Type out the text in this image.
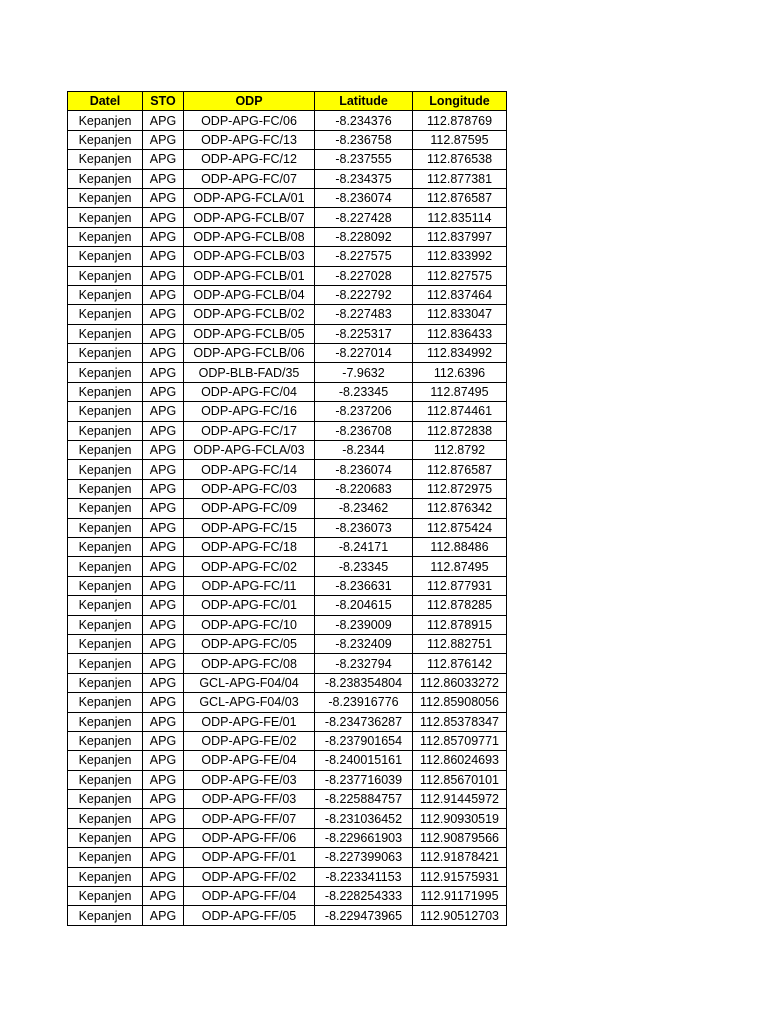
Datel	STO	ODP	Latitude	Longitude
Kepanjen	APG	ODP-APG-FC/06	-8.234376	112.878769
Kepanjen	APG	ODP-APG-FC/13	-8.236758	112.87595
Kepanjen	APG	ODP-APG-FC/12	-8.237555	112.876538
Kepanjen	APG	ODP-APG-FC/07	-8.234375	112.877381
Kepanjen	APG	ODP-APG-FCLA/01	-8.236074	112.876587
Kepanjen	APG	ODP-APG-FCLB/07	-8.227428	112.835114
Kepanjen	APG	ODP-APG-FCLB/08	-8.228092	112.837997
Kepanjen	APG	ODP-APG-FCLB/03	-8.227575	112.833992
Kepanjen	APG	ODP-APG-FCLB/01	-8.227028	112.827575
Kepanjen	APG	ODP-APG-FCLB/04	-8.222792	112.837464
Kepanjen	APG	ODP-APG-FCLB/02	-8.227483	112.833047
Kepanjen	APG	ODP-APG-FCLB/05	-8.225317	112.836433
Kepanjen	APG	ODP-APG-FCLB/06	-8.227014	112.834992
Kepanjen	APG	ODP-BLB-FAD/35	-7.9632	112.6396
Kepanjen	APG	ODP-APG-FC/04	-8.23345	112.87495
Kepanjen	APG	ODP-APG-FC/16	-8.237206	112.874461
Kepanjen	APG	ODP-APG-FC/17	-8.236708	112.872838
Kepanjen	APG	ODP-APG-FCLA/03	-8.2344	112.8792
Kepanjen	APG	ODP-APG-FC/14	-8.236074	112.876587
Kepanjen	APG	ODP-APG-FC/03	-8.220683	112.872975
Kepanjen	APG	ODP-APG-FC/09	-8.23462	112.876342
Kepanjen	APG	ODP-APG-FC/15	-8.236073	112.875424
Kepanjen	APG	ODP-APG-FC/18	-8.24171	112.88486
Kepanjen	APG	ODP-APG-FC/02	-8.23345	112.87495
Kepanjen	APG	ODP-APG-FC/11	-8.236631	112.877931
Kepanjen	APG	ODP-APG-FC/01	-8.204615	112.878285
Kepanjen	APG	ODP-APG-FC/10	-8.239009	112.878915
Kepanjen	APG	ODP-APG-FC/05	-8.232409	112.882751
Kepanjen	APG	ODP-APG-FC/08	-8.232794	112.876142
Kepanjen	APG	GCL-APG-F04/04	-8.238354804	112.86033272
Kepanjen	APG	GCL-APG-F04/03	-8.23916776	112.85908056
Kepanjen	APG	ODP-APG-FE/01	-8.234736287	112.85378347
Kepanjen	APG	ODP-APG-FE/02	-8.237901654	112.85709771
Kepanjen	APG	ODP-APG-FE/04	-8.240015161	112.86024693
Kepanjen	APG	ODP-APG-FE/03	-8.237716039	112.85670101
Kepanjen	APG	ODP-APG-FF/03	-8.225884757	112.91445972
Kepanjen	APG	ODP-APG-FF/07	-8.231036452	112.90930519
Kepanjen	APG	ODP-APG-FF/06	-8.229661903	112.90879566
Kepanjen	APG	ODP-APG-FF/01	-8.227399063	112.91878421
Kepanjen	APG	ODP-APG-FF/02	-8.223341153	112.91575931
Kepanjen	APG	ODP-APG-FF/04	-8.228254333	112.91171995
Kepanjen	APG	ODP-APG-FF/05	-8.229473965	112.90512703
